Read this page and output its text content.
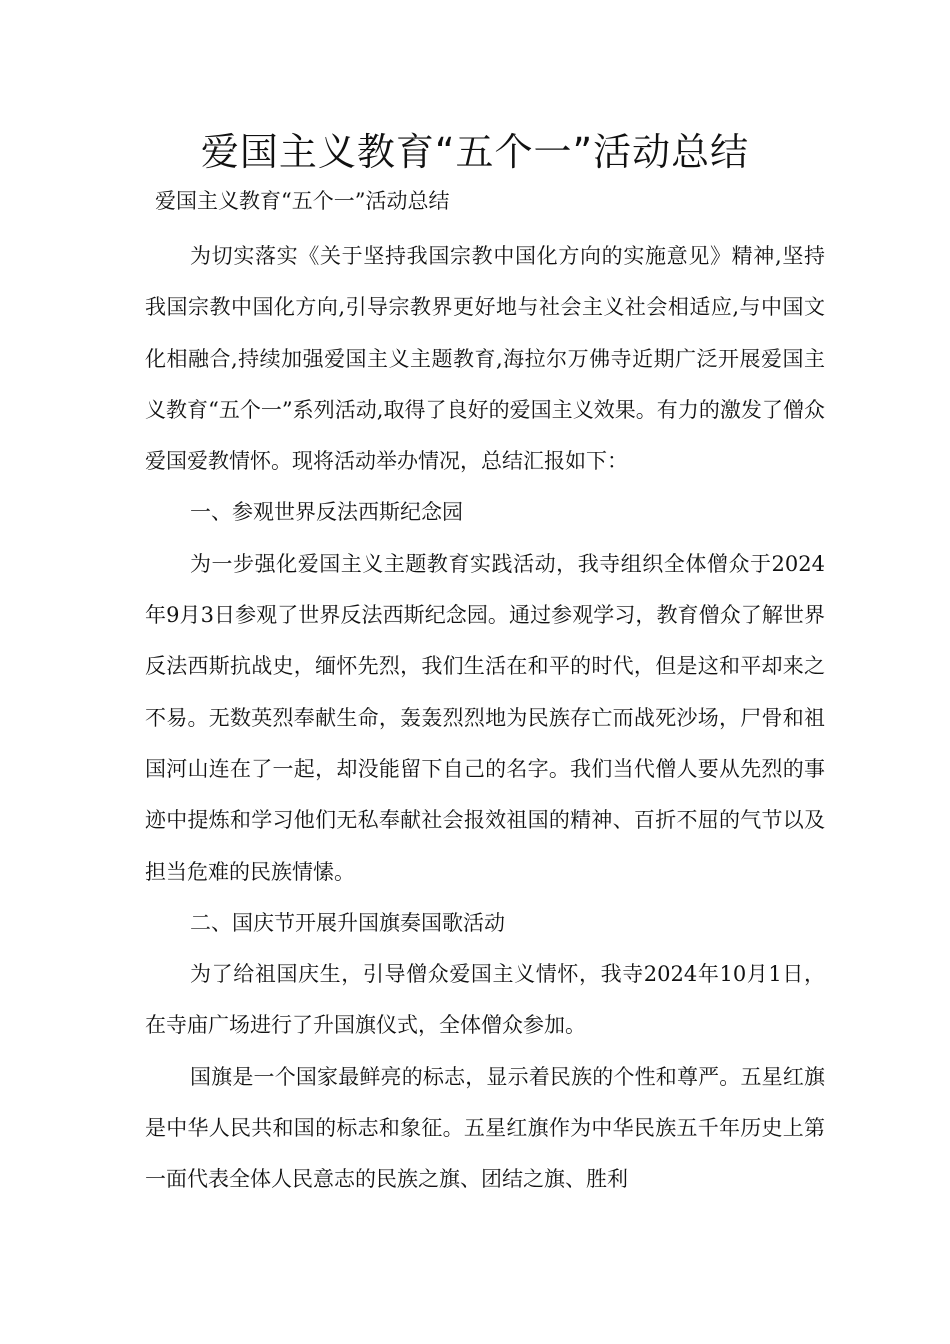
爱国主义教育“五个一”活动总结

爱国主义教育“五个一”活动总结

为切实落实《关于坚持我国宗教中国化方向的实施意见》精神,坚持我国宗教中国化方向,引导宗教界更好地与社会主义社会相适应,与中国文化相融合,持续加强爱国主义主题教育,海拉尔万佛寺近期广泛开展爱国主义教育“五个一”系列活动,取得了良好的爱国主义效果。有力的激发了僧众爱国爱教情怀。现将活动举办情况，总结汇报如下：

一、参观世界反法西斯纪念园

为一步强化爱国主义主题教育实践活动，我寺组织全体僧众于2024年9月3日参观了世界反法西斯纪念园。通过参观学习，教育僧众了解世界反法西斯抗战史，缅怀先烈，我们生活在和平的时代，但是这和平却来之不易。无数英烈奉献生命，轰轰烈烈地为民族存亡而战死沙场，尸骨和祖国河山连在了一起，却没能留下自己的名字。我们当代僧人要从先烈的事迹中提炼和学习他们无私奉献社会报效祖国的精神、百折不屈的气节以及担当危难的民族情愫。

二、国庆节开展升国旗奏国歌活动

为了给祖国庆生，引导僧众爱国主义情怀，我寺2024年10月1日，在寺庙广场进行了升国旗仪式，全体僧众参加。

国旗是一个国家最鲜亮的标志，显示着民族的个性和尊严。五星红旗是中华人民共和国的标志和象征。五星红旗作为中华民族五千年历史上第一面代表全体人民意志的民族之旗、团结之旗、胜利
